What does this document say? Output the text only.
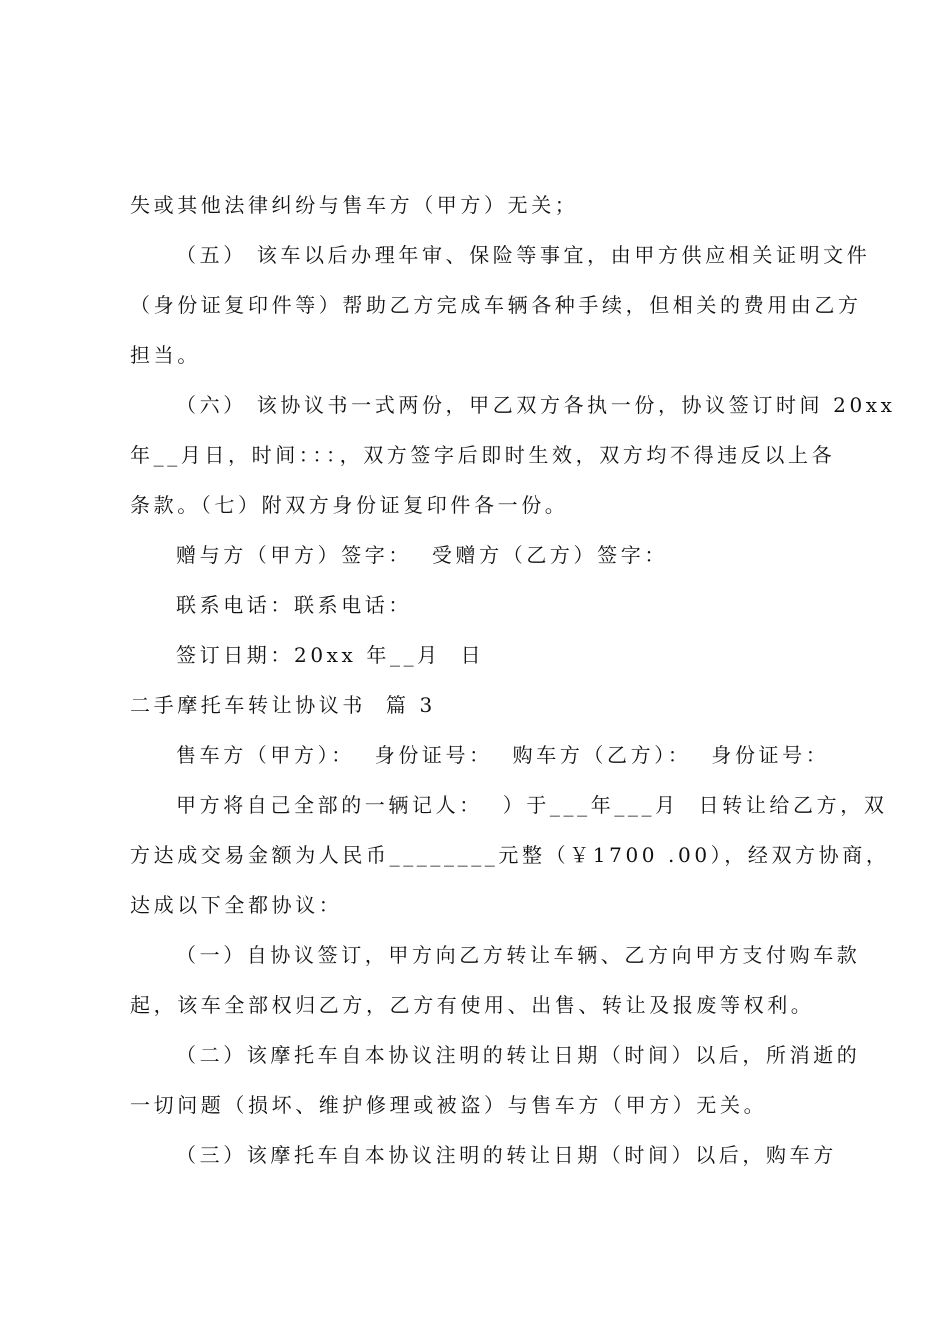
失或其他法律纠纷与售车方（甲方）无关；
（五） 该车以后办理年审、保险等事宜，由甲方供应相关证明文件
（身份证复印件等）帮助乙方完成车辆各种手续，但相关的费用由乙方
担当。
（六） 该协议书一式两份，甲乙双方各执一份，协议签订时间 20xx
年__月日，时间：：：，双方签字后即时生效，双方均不得违反以上各
条款。（七）附双方身份证复印件各一份。
赠与方（甲方）签字：  受赠方（乙方）签字：
联系电话：联系电话：
签订日期：20xx 年__月  日
二手摩托车转让协议书  篇 3
售车方（甲方）：  身份证号：  购车方（乙方）：  身份证号：
甲方将自己全部的一辆记人：  ）于___年___月  日转让给乙方，双
方达成交易金额为人民币________元整（￥1700 .00），经双方协商，
达成以下全都协议：
（一）自协议签订，甲方向乙方转让车辆、乙方向甲方支付购车款
起，该车全部权归乙方，乙方有使用、出售、转让及报废等权利。
（二）该摩托车自本协议注明的转让日期（时间）以后，所消逝的
一切问题（损坏、维护修理或被盗）与售车方（甲方）无关。
（三）该摩托车自本协议注明的转让日期（时间）以后，购车方
